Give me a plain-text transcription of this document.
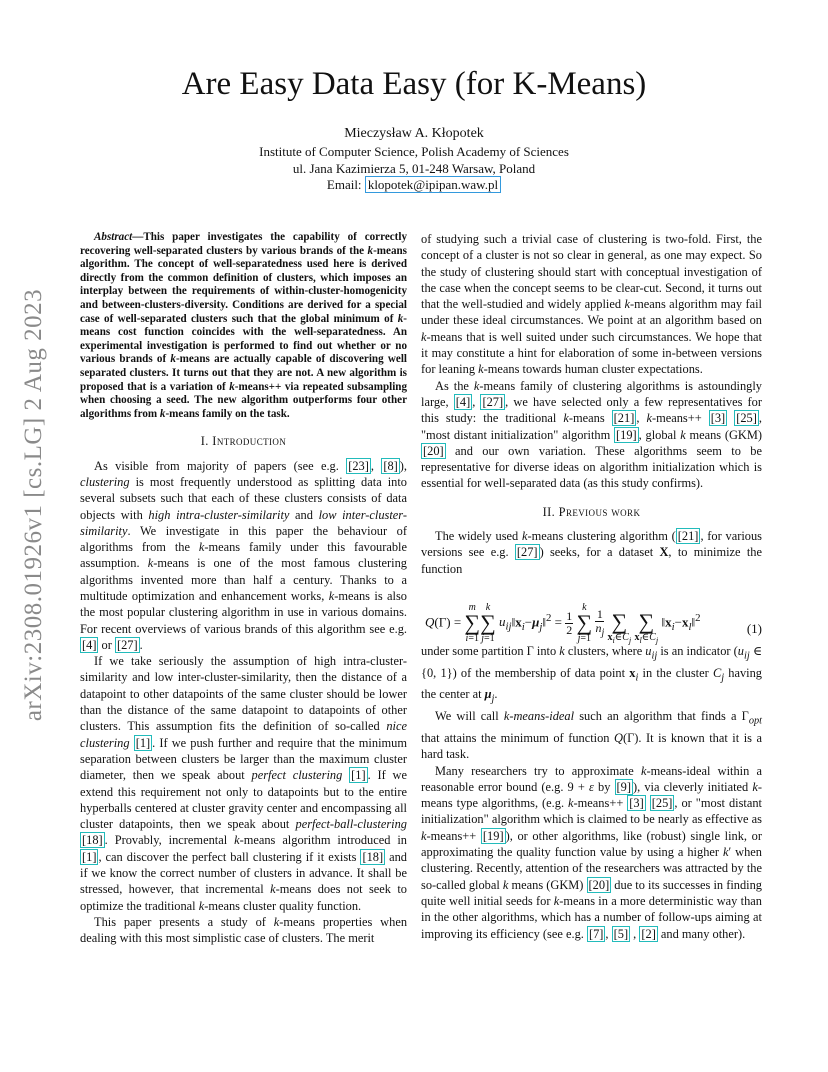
arXiv:2308.01926v1 [cs.LG] 2 Aug 2023
Are Easy Data Easy (for K-Means)
Mieczysław A. Kłopotek
Institute of Computer Science, Polish Academy of Sciences
ul. Jana Kazimierza 5, 01-248 Warsaw, Poland
Email: klopotek@ipipan.waw.pl

Abstract—This paper investigates the capability of correctly recovering well-separated clusters by various brands of the k-means algorithm. The concept of well-separatedness used here is derived directly from the common definition of clusters, which imposes an interplay between the requirements of within-cluster-homogenicity and between-clusters-diversity. Conditions are derived for a special case of well-separated clusters such that the global minimum of k-means cost function coincides with the well-separatedness. An experimental investigation is performed to find out whether or no various brands of k-means are actually capable of discovering well separated clusters. It turns out that they are not. A new algorithm is proposed that is a variation of k-means++ via repeated subsampling when choosing a seed. The new algorithm outperforms four other algorithms from k-means family on the task.

I. Introduction

As visible from majority of papers (see e.g. [23] , [8] ), clustering is most frequently understood as splitting data into several subsets such that each of these clusters consists of data objects with high intra-cluster-similarity and low inter-cluster-similarity. We investigate in this paper the behaviour of algorithms from the k-means family under this favourable assumption. k-means is one of the most famous clustering algorithms invented more than half a century. Thanks to a multitude optimization and enhancement works, k-means is also the most popular clustering algorithm in use in various domains. For recent overviews of various brands of this algorithm see e.g. [4] or [27] .

If we take seriously the assumption of high intra-cluster-similarity and low inter-cluster-similarity, then the distance of a datapoint to other datapoints of the same cluster should be lower than the distance of the same datapoint to datapoints of other clusters. This assumption fits the definition of so-called nice clustering [1] . If we push further and require that the minimum separation between clusters be larger than the maximum cluster diameter, then we speak about perfect clustering [1] . If we extend this requirement not only to datapoints but to the entire hyperballs centered at cluster gravity center and encompassing all cluster datapoints, then we speak about perfect-ball-clustering [18] . Provably, incremental k-means algorithm introduced in [1] , can discover the perfect ball clustering if it exists [18] and if we know the correct number of clusters in advance. It shall be stressed, however, that incremental k-means does not seek to optimize the traditional k-means cluster quality function.

This paper presents a study of k-means properties when dealing with this most simplistic case of clusters. The merit

of studying such a trivial case of clustering is two-fold. First, the concept of a cluster is not so clear in general, as one may expect. So the study of clustering should start with conceptual investigation of the case when the concept seems to be clear-cut. Second, it turns out that the well-studied and widely applied k-means algorithm may fail under these ideal circumstances. We point at an algorithm based on k-means that is well suited under such circumstances. We hope that it may constitute a hint for elaboration of some in-between versions for leaning k-means towards human cluster expectations.

As the k-means family of clustering algorithms is astoundingly large, [4] , [27] , we have selected only a few representatives for this study: the traditional k-means [21] , k-means++ [3] [25] , "most distant initialization" algorithm [19] , global k means (GKM) [20] and our own variation. These algorithms seem to be representative for diverse ideas on algorithm initialization which is essential for well-separated data (as this study confirms).

II. Previous work

The widely used k-means clustering algorithm ( [21] , for various versions see e.g. [27] ) seeks, for a dataset X, to minimize the function

Q(Γ) = m
∑
i=1k
∑
j=1 $u_{ij}‖x_i-\mu_j‖^2 = \frac{1}{2}$ k
∑
$j=1 \frac{1}{n_j}$ ∑
$x_i\in C_j$
∑
$x_l\in C_j$ $‖x_i-x_l‖^2$
(1)

under some partition Γ into k clusters, where $u_{ij}$ is an indicator ($u_{ij}$ ∈ {0, 1}) of the membership of data point $x_i$ in the cluster $C_j$ having the center at $\mu_j$.

We will call k-means-ideal such an algorithm that finds a $\Gamma_{opt}$ that attains the minimum of function Q(Γ). It is known that it is a hard task.

Many researchers try to approximate k-means-ideal within a reasonable error bound (e.g. 9 + ε by [9] ), via cleverly initiated k-means type algorithms, (e.g. k-means++ [3] [25] , or "most distant initialization" algorithm which is claimed to be nearly as effective as k-means++ [19] ), or other algorithms, like (robust) single link, or approximating the quality function value by using a higher k′ when clustering. Recently, attention of the researchers was attracted by the so-called global k means (GKM) [20] due to its successes in finding quite well initial seeds for k-means in a more deterministic way than in the other algorithms, which has a number of follow-ups aiming at improving its efficiency (see e.g. [7] , [5] , [2] and many other).
